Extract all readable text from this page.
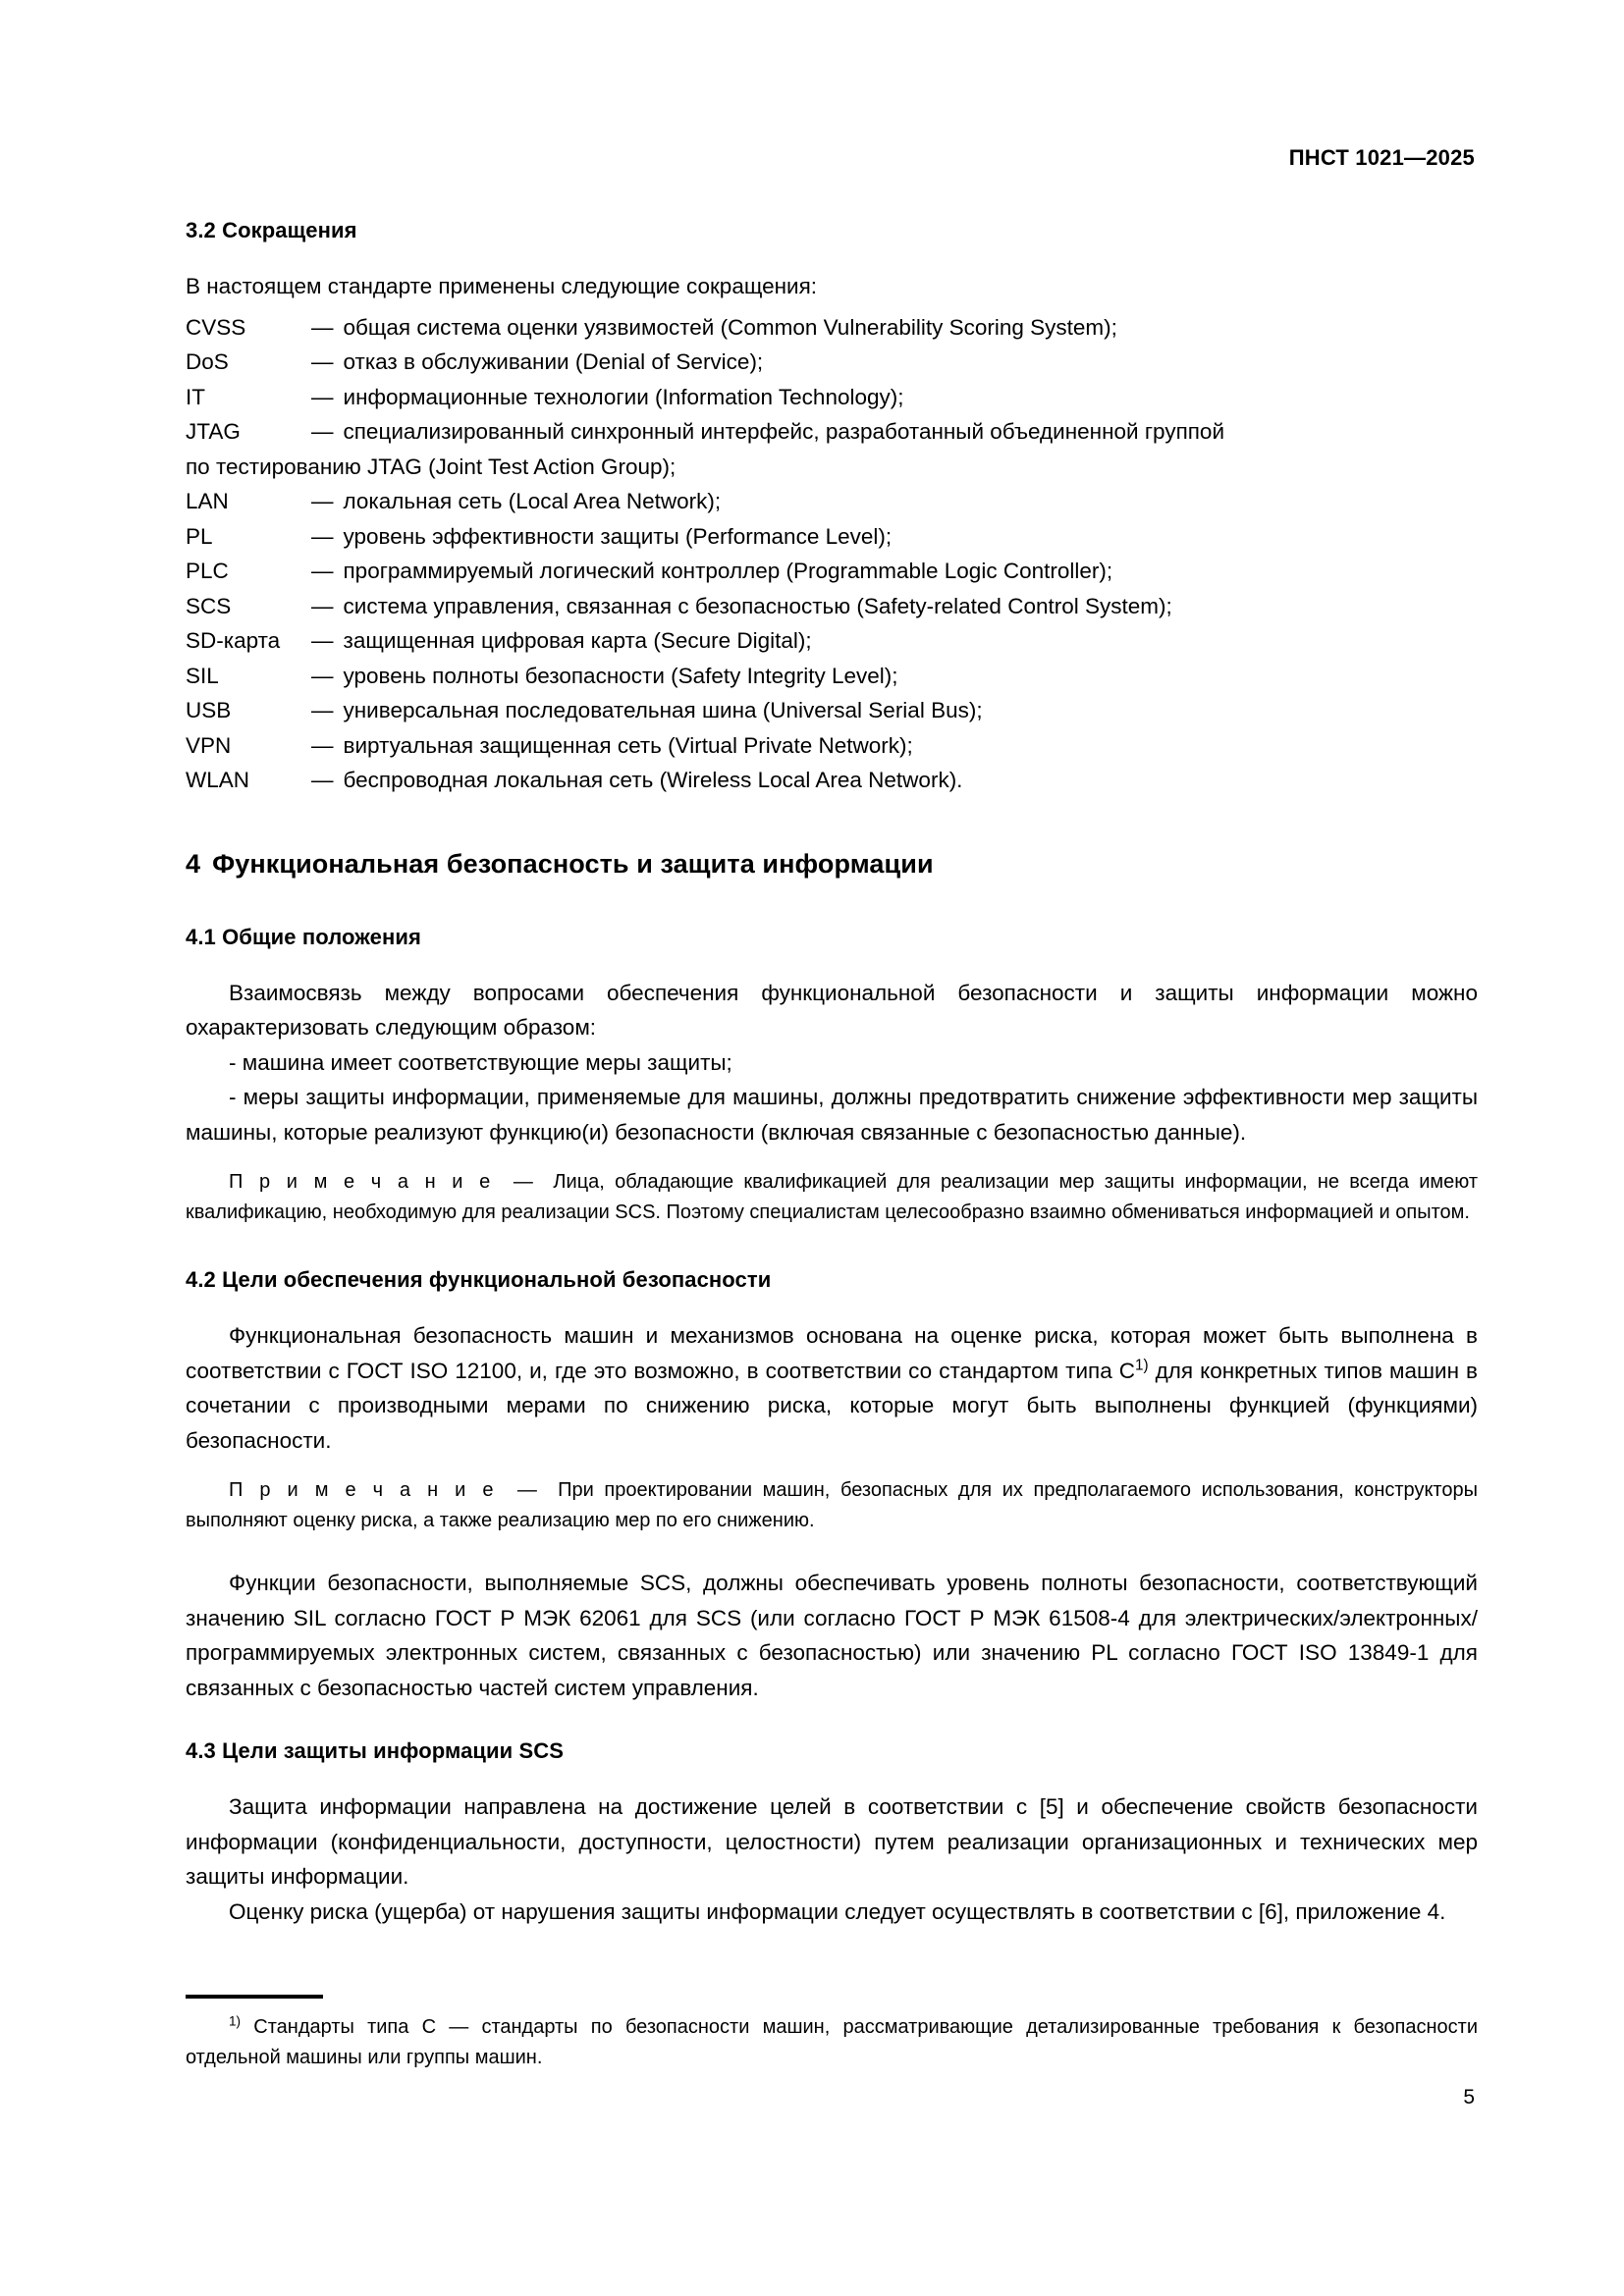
ПНСТ 1021—2025
3.2 Сокращения

В настоящем стандарте применены следующие сокращения:

CVSS	—	общая система оценки уязвимостей (Common Vulnerability Scoring System);
DoS	—	отказ в обслуживании (Denial of Service);
IT	—	информационные технологии (Information Technology);
JTAG	—	специализированный синхронный интерфейс, разработанный объединенной группой
по тестированию JTAG (Joint Test Action Group);		
LAN	—	локальная сеть (Local Area Network);
PL	—	уровень эффективности защиты (Performance Level);
PLC	—	программируемый логический контроллер (Programmable Logic Controller);
SCS	—	система управления, связанная с безопасностью (Safety-related Control System);
SD-карта	—	защищенная цифровая карта (Secure Digital);
SIL	—	уровень полноты безопасности (Safety Integrity Level);
USB	—	универсальная последовательная шина (Universal Serial Bus);
VPN	—	виртуальная защищенная сеть (Virtual Private Network);
WLAN	—	беспроводная локальная сеть (Wireless Local Area Network).
4 Функциональная безопасность и защита информации
4.1 Общие положения

Взаимосвязь между вопросами обеспечения функциональной безопасности и защиты информации можно охарактеризовать следующим образом:

- машина имеет соответствующие меры защиты;

- меры защиты информации, применяемые для машины, должны предотвратить снижение эффективности мер защиты машины, которые реализуют функцию(и) безопасности (включая связанные с безопасностью данные).

П р и м е ч а н и е — Лица, обладающие квалификацией для реализации мер защиты информации, не всегда имеют квалификацию, необходимую для реализации SCS. Поэтому специалистам целесообразно взаимно обмениваться информацией и опытом.

4.2 Цели обеспечения функциональной безопасности

Функциональная безопасность машин и механизмов основана на оценке риска, которая может быть выполнена в соответствии с ГОСТ ISO 12100, и, где это возможно, в соответствии со стандартом типа C$^{1)}$ для конкретных типов машин в сочетании с производными мерами по снижению риска, которые могут быть выполнены функцией (функциями) безопасности.

П р и м е ч а н и е — При проектировании машин, безопасных для их предполагаемого использования, конструкторы выполняют оценку риска, а также реализацию мер по его снижению.

Функции безопасности, выполняемые SCS, должны обеспечивать уровень полноты безопасности, соответствующий значению SIL согласно ГОСТ Р МЭК 62061 для SCS (или согласно ГОСТ Р МЭК 61508-4 для электрических/электронных/программируемых электронных систем, связанных с безопасностью) или значению PL согласно ГОСТ ISO 13849-1 для связанных с безопасностью частей систем управления.

4.3 Цели защиты информации SCS

Защита информации направлена на достижение целей в соответствии с [5] и обеспечение свойств безопасности информации (конфиденциальности, доступности, целостности) путем реализации организационных и технических мер защиты информации.

Оценку риска (ущерба) от нарушения защиты информации следует осуществлять в соответствии с [6], приложение 4.

$^{1)}$ Стандарты типа C — стандарты по безопасности машин, рассматривающие детализированные требования к безопасности отдельной машины или группы машин.

5
